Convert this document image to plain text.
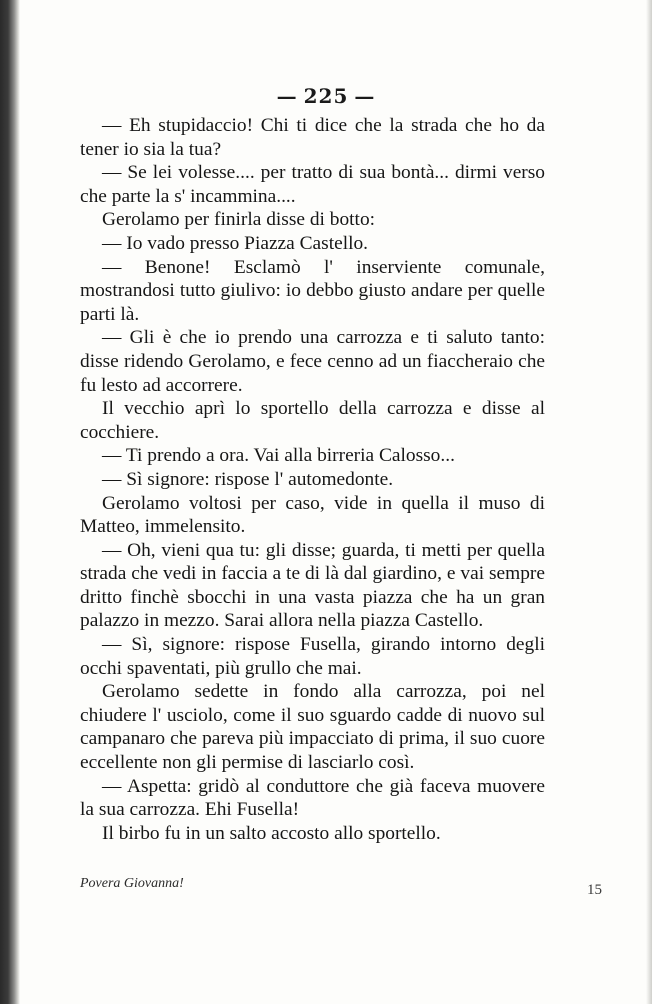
— 225 —

— Eh stupidaccio! Chi ti dice che la strada che ho da tener io sia la tua?

— Se lei volesse.... per tratto di sua bontà... dirmi verso che parte la s' incammina....

Gerolamo per finirla disse di botto:

— Io vado presso Piazza Castello.

— Benone! Esclamò l' inserviente comunale, mostrandosi tutto giulivo: io debbo giusto andare per quelle parti là.

— Gli è che io prendo una carrozza e ti saluto tanto: disse ridendo Gerolamo, e fece cenno ad un fiaccheraio che fu lesto ad accorrere.

Il vecchio aprì lo sportello della carrozza e disse al cocchiere.

— Ti prendo a ora. Vai alla birreria Calosso...

— Sì signore: rispose l' automedonte.

Gerolamo voltosi per caso, vide in quella il muso di Matteo, immelensito.

— Oh, vieni qua tu: gli disse; guarda, ti metti per quella strada che vedi in faccia a te di là dal giardino, e vai sempre dritto finchè sbocchi in una vasta piazza che ha un gran palazzo in mezzo. Sarai allora nella piazza Castello.

— Sì, signore: rispose Fusella, girando intorno degli occhi spaventati, più grullo che mai.

Gerolamo sedette in fondo alla carrozza, poi nel chiudere l' usciolo, come il suo sguardo cadde di nuovo sul campanaro che pareva più impacciato di prima, il suo cuore eccellente non gli permise di lasciarlo così.

— Aspetta: gridò al conduttore che già faceva muovere la sua carrozza. Ehi Fusella!

Il birbo fu in un salto accosto allo sportello.

Povera Giovanna!	15
